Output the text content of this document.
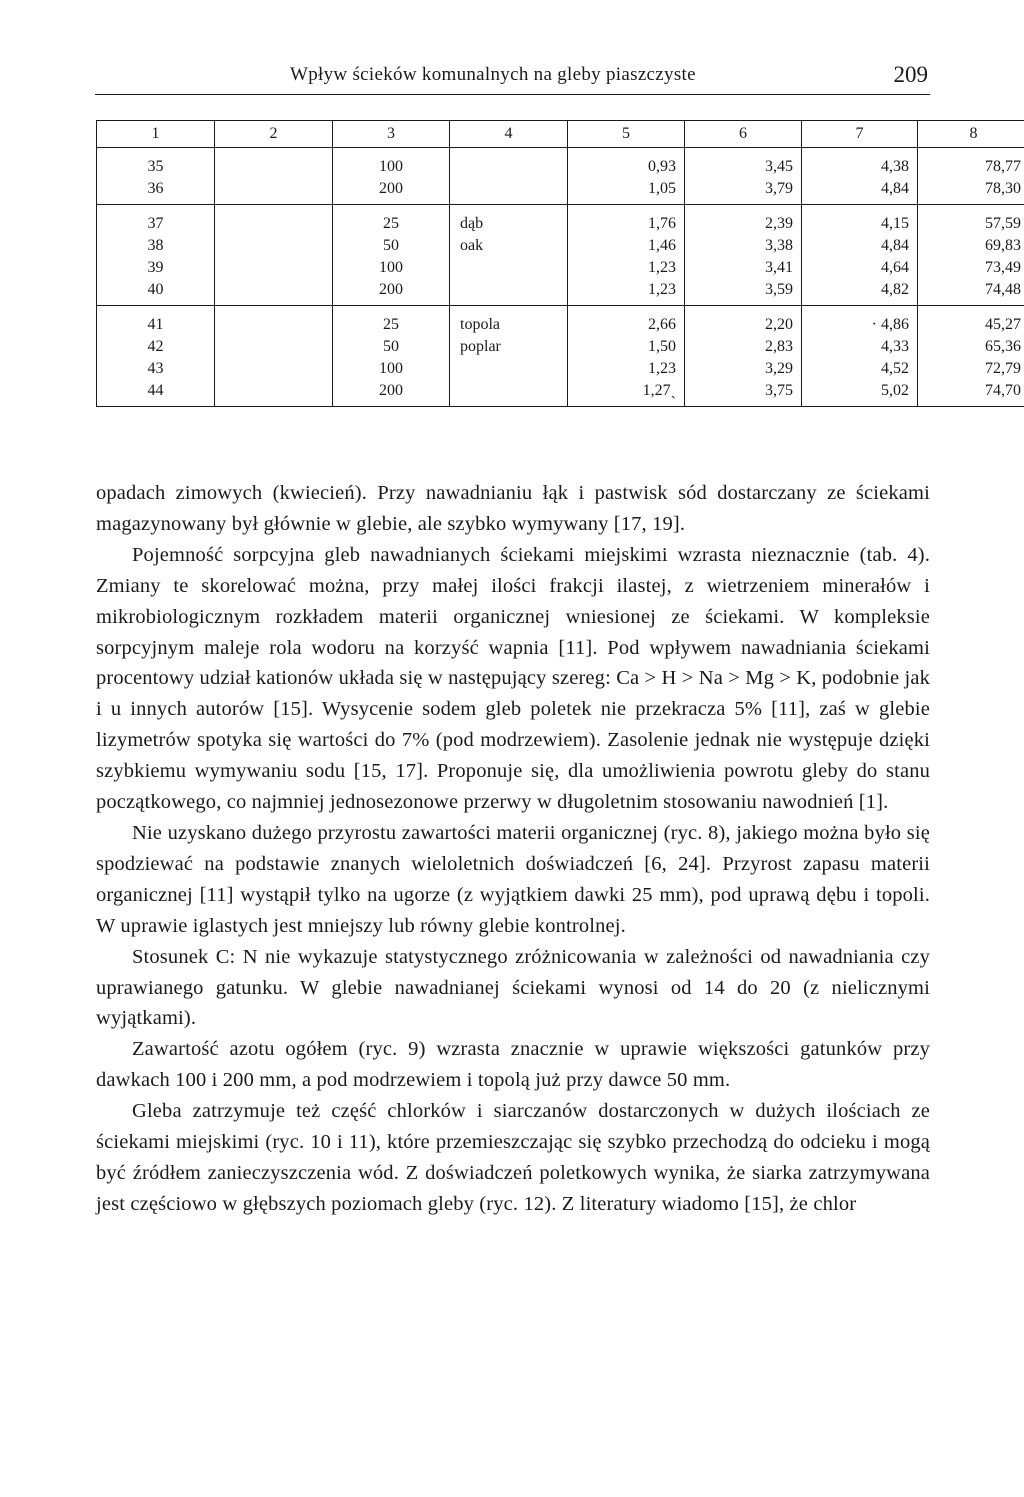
Wpływ ścieków komunalnych na gleby piaszczyste	209
1	2	3	4	5	6	7	8
35		100		0,93	3,45	4,38	78,77
36		200		1,05	3,79	4,84	78,30
37		25	dąb	1,76	2,39	4,15	57,59
38		50	oak	1,46	3,38	4,84	69,83
39		100		1,23	3,41	4,64	73,49
40		200		1,23	3,59	4,82	74,48
41		25	topola	2,66	2,20	· 4,86	45,27
42		50	poplar	1,50	2,83	4,33	65,36
43		100		1,23	3,29	4,52	72,79
44		200		1,27ˎ	3,75	5,02	74,70

opadach zimowych (kwiecień). Przy nawadnianiu łąk i pastwisk sód dostarczany ze ściekami magazynowany był głównie w glebie, ale szybko wymywany [17, 19].

Pojemność sorpcyjna gleb nawadnianych ściekami miejskimi wzrasta nieznacznie (tab. 4). Zmiany te skorelować można, przy małej ilości frakcji ilastej, z wietrzeniem minerałów i mikrobiologicznym rozkładem materii organicznej wniesionej ze ściekami. W kompleksie sorpcyjnym maleje rola wodoru na korzyść wapnia [11]. Pod wpływem nawadniania ściekami procentowy udział kationów układa się w następujący szereg: Ca > H > Na > Mg > K, podobnie jak i u innych autorów [15]. Wysycenie sodem gleb poletek nie przekracza 5% [11], zaś w glebie lizymetrów spotyka się wartości do 7% (pod modrzewiem). Zasolenie jednak nie występuje dzięki szybkiemu wymywaniu sodu [15, 17]. Proponuje się, dla umożliwienia powrotu gleby do stanu początkowego, co najmniej jednosezonowe przerwy w długoletnim stosowaniu nawodnień [1].

Nie uzyskano dużego przyrostu zawartości materii organicznej (ryc. 8), jakiego można było się spodziewać na podstawie znanych wieloletnich doświadczeń [6, 24]. Przyrost zapasu materii organicznej [11] wystąpił tylko na ugorze (z wyjątkiem dawki 25 mm), pod uprawą dębu i topoli. W uprawie iglastych jest mniejszy lub równy glebie kontrolnej.

Stosunek C: N nie wykazuje statystycznego zróżnicowania w zależności od nawadniania czy uprawianego gatunku. W glebie nawadnianej ściekami wynosi od 14 do 20 (z nielicznymi wyjątkami).

Zawartość azotu ogółem (ryc. 9) wzrasta znacznie w uprawie większości gatunków przy dawkach 100 i 200 mm, a pod modrzewiem i topolą już przy dawce 50 mm.

Gleba zatrzymuje też część chlorków i siarczanów dostarczonych w dużych ilościach ze ściekami miejskimi (ryc. 10 i 11), które przemieszczając się szybko przechodzą do odcieku i mogą być źródłem zanieczyszczenia wód. Z doświadczeń poletkowych wynika, że siarka zatrzymywana jest częściowo w głębszych poziomach gleby (ryc. 12). Z literatury wiadomo [15], że chlor
